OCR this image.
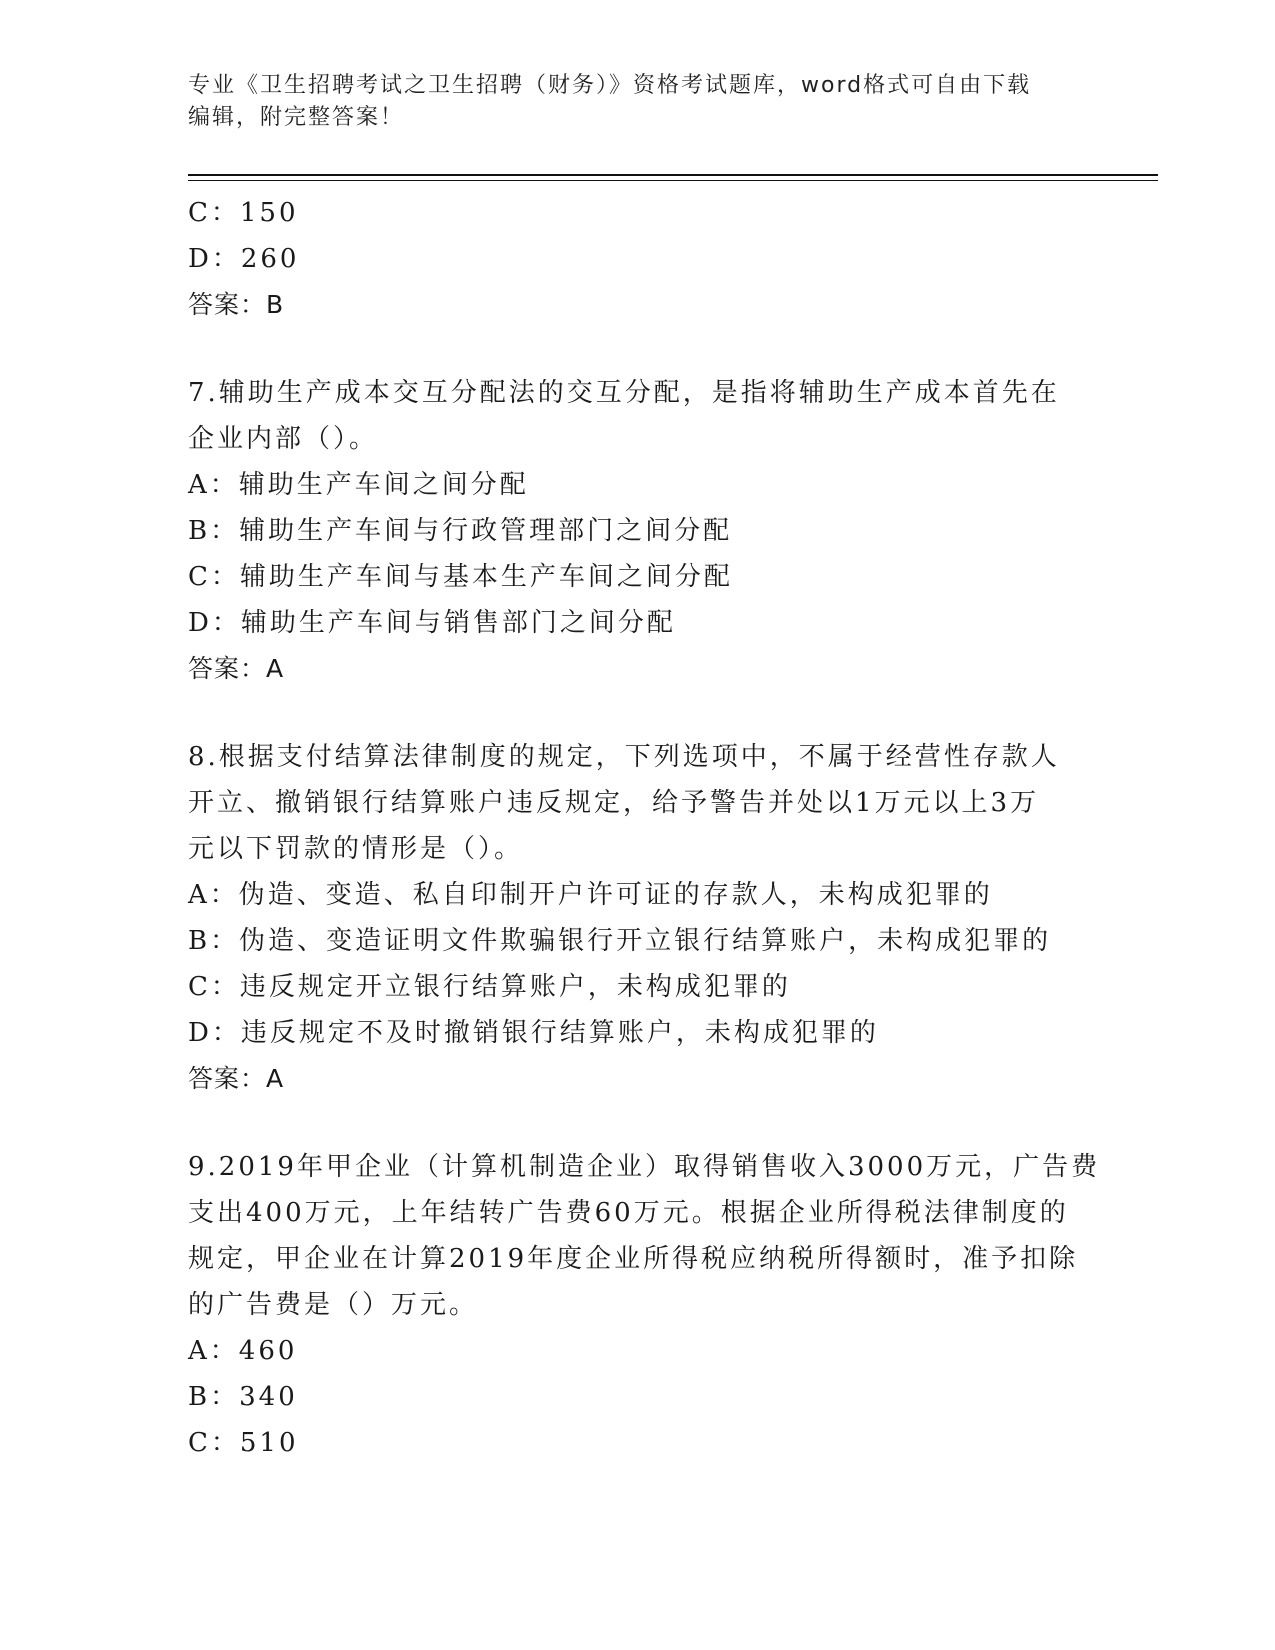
专业《卫生招聘考试之卫生招聘（财务）》资格考试题库，word格式可自由下载
编辑，附完整答案！
C：150
D：260
答案：B
7.辅助生产成本交互分配法的交互分配，是指将辅助生产成本首先在
企业内部（）。
A：辅助生产车间之间分配
B：辅助生产车间与行政管理部门之间分配
C：辅助生产车间与基本生产车间之间分配
D：辅助生产车间与销售部门之间分配
答案：A
8.根据支付结算法律制度的规定，下列选项中，不属于经营性存款人
开立、撤销银行结算账户违反规定，给予警告并处以1万元以上3万
元以下罚款的情形是（）。
A：伪造、变造、私自印制开户许可证的存款人，未构成犯罪的
B：伪造、变造证明文件欺骗银行开立银行结算账户，未构成犯罪的
C：违反规定开立银行结算账户，未构成犯罪的
D：违反规定不及时撤销银行结算账户，未构成犯罪的
答案：A
9.2019年甲企业（计算机制造企业）取得销售收入3000万元，广告费
支出400万元，上年结转广告费60万元。根据企业所得税法律制度的
规定，甲企业在计算2019年度企业所得税应纳税所得额时，准予扣除
的广告费是（）万元。
A：460
B：340
C：510
